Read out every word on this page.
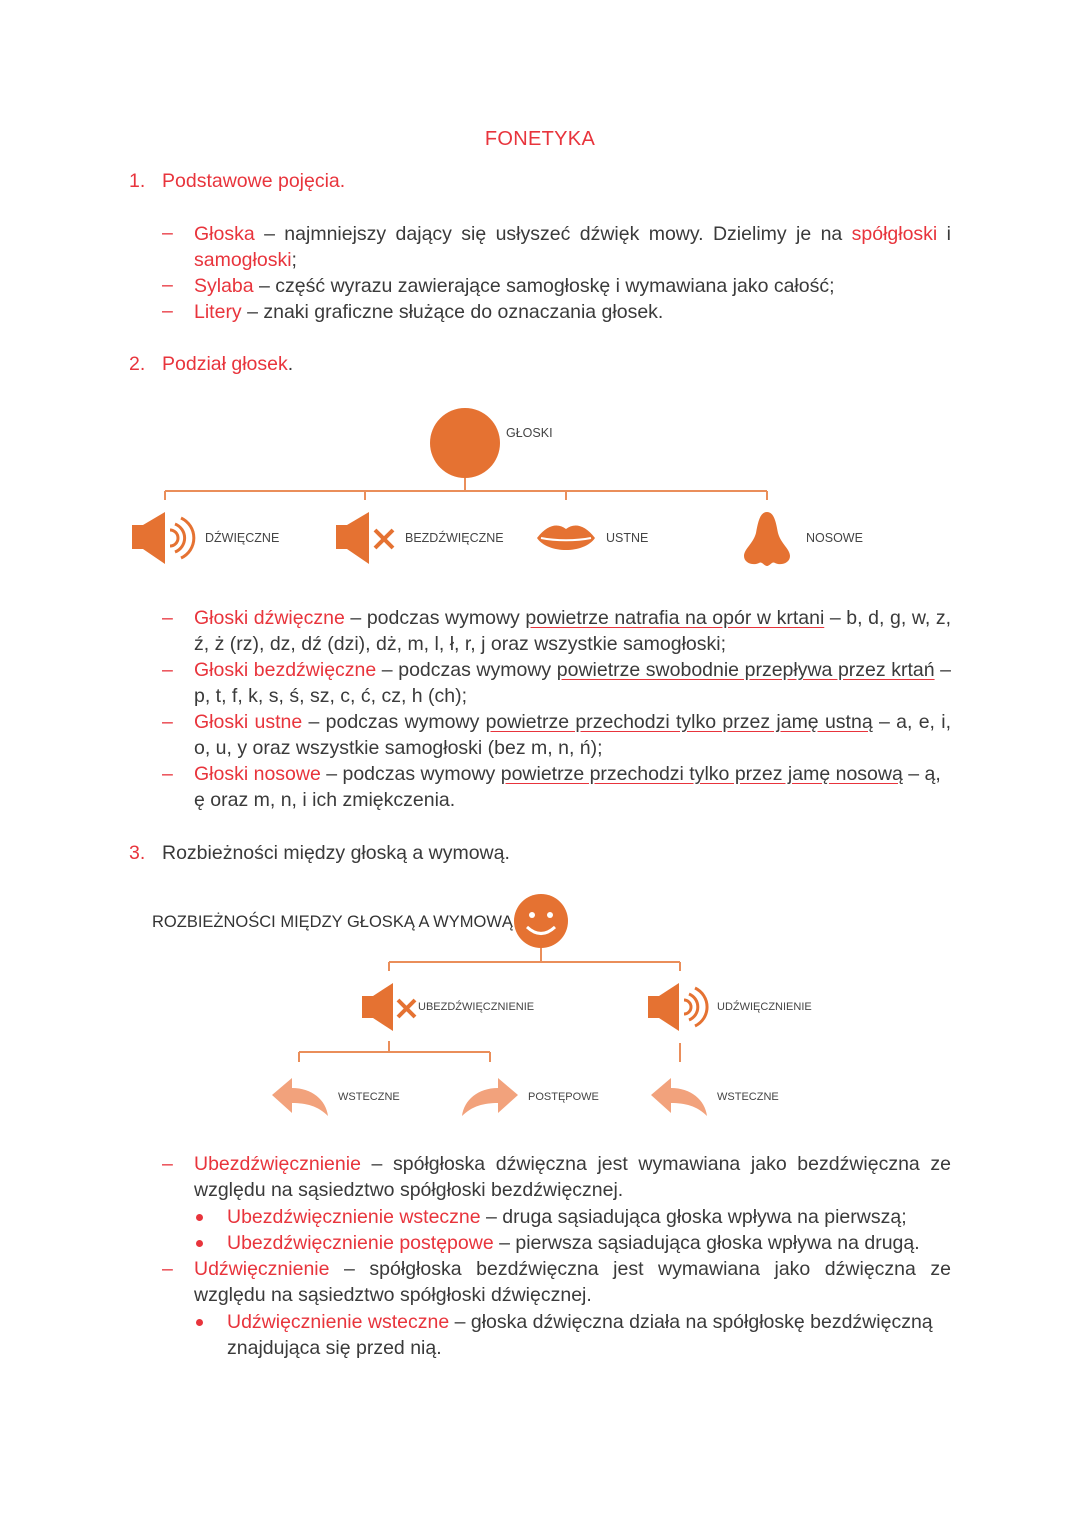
FONETYKA
1. Podstawowe pojęcia.
– Głoska – najmniejszy dający się usłyszeć dźwięk mowy. Dzielimy je na spółgłoski i samogłoski;
– Sylaba – część wyrazu zawierające samogłoskę i wymawiana jako całość;
– Litery – znaki graficzne służące do oznaczania głosek.
2. Podział głosek.
GŁOSKI
DŹWIĘCZNE	BEZDŹWIĘCZNE	USTNE	NOSOWE
– Głoski dźwięczne – podczas wymowy powietrze natrafia na opór w krtani – b, d, g, w, z, ź, ż (rz), dz, dź (dzi), dż, m, l, ł, r, j oraz wszystkie samogłoski;
– Głoski bezdźwięczne – podczas wymowy powietrze swobodnie przepływa przez krtań – p, t, f, k, s, ś, sz, c, ć, cz, h (ch);
– Głoski ustne – podczas wymowy powietrze przechodzi tylko przez jamę ustną – a, e, i, o, u, y oraz wszystkie samogłoski (bez m, n, ń);
– Głoski nosowe – podczas wymowy powietrze przechodzi tylko przez jamę nosową – ą, ę oraz m, n, i ich zmiękczenia.
3. Rozbieżności między głoską a wymową.
ROZBIEŻNOŚCI MIĘDZY GŁOSKĄ A WYMOWĄ
UBEZDŹWIĘCZNIENIE	UDŹWIĘCZNIENIE
WSTECZNE	POSTĘPOWE	WSTECZNE
– Ubezdźwięcznienie – spółgłoska dźwięczna jest wymawiana jako bezdźwięczna ze względu na sąsiedztwo spółgłoski bezdźwięcznej.
Ubezdźwięcznienie wsteczne – druga sąsiadująca głoska wpływa na pierwszą;
Ubezdźwięcznienie postępowe – pierwsza sąsiadująca głoska wpływa na drugą.
– Udźwięcznienie – spółgłoska bezdźwięczna jest wymawiana jako dźwięczna ze względu na sąsiedztwo spółgłoski dźwięcznej.
Udźwięcznienie wsteczne – głoska dźwięczna działa na spółgłoskę bezdźwięczną znajdująca się przed nią.
